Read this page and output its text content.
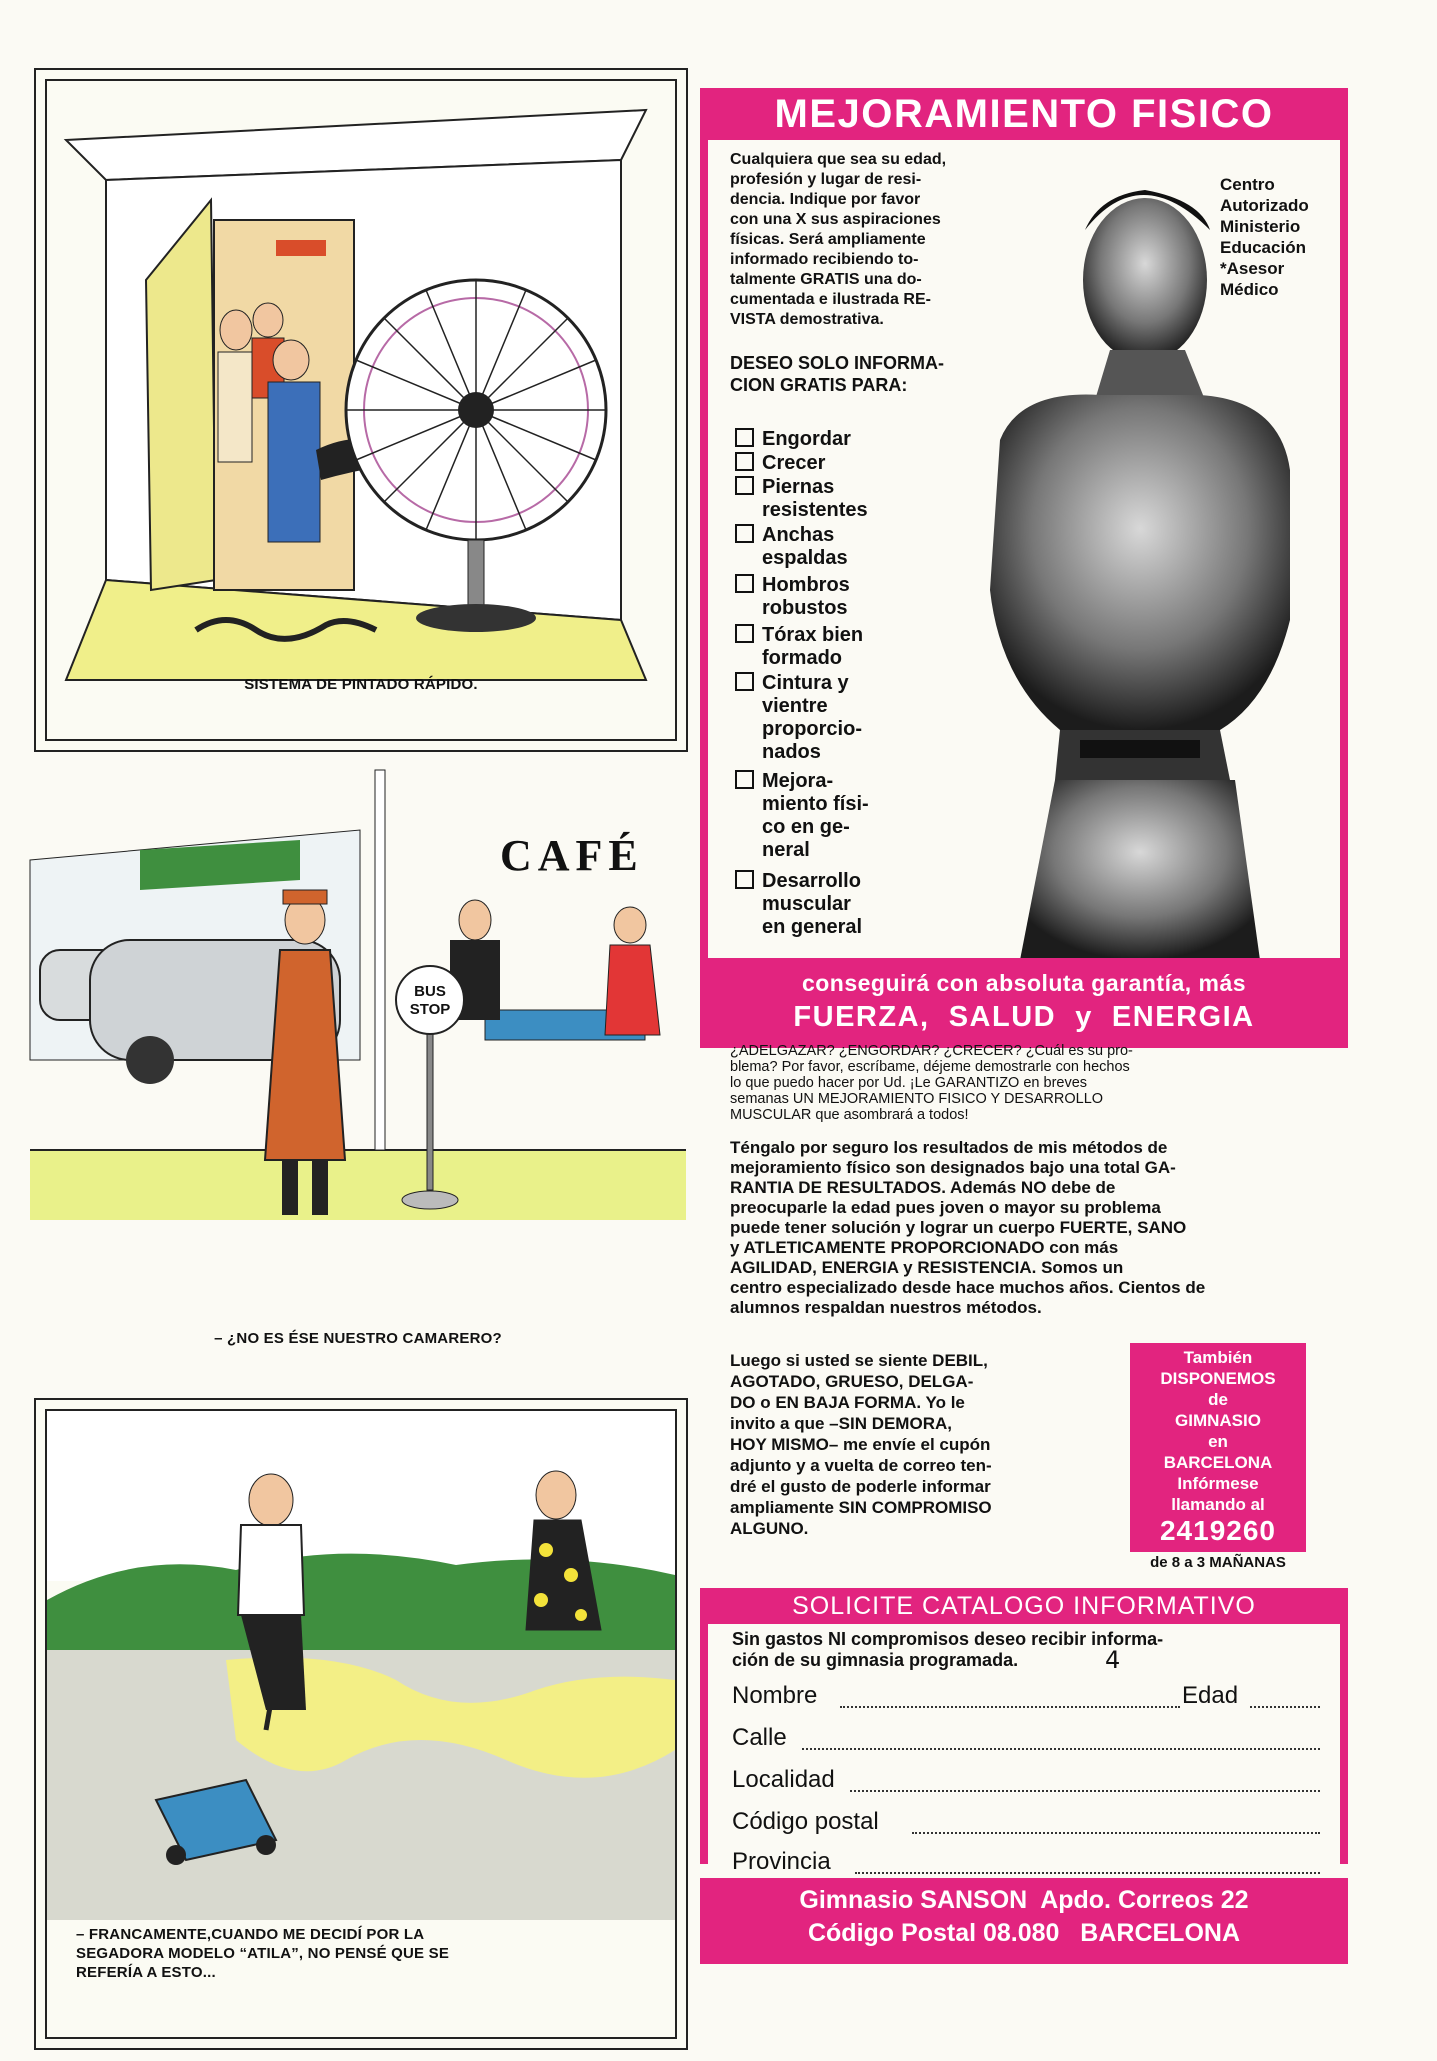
SISTEMA DE PINTADO RÁPIDO.
CAFÉ
BUS
STOP
– ¿NO ES ÉSE NUESTRO CAMARERO?
– FRANCAMENTE,CUANDO ME DECIDÍ POR LA
SEGADORA MODELO “ATILA”, NO PENSÉ QUE SE
REFERÍA A ESTO...
MEJORAMIENTO FISICO
Cualquiera que sea su edad,
profesión y lugar de resi-
dencia. Indique por favor
con una X sus aspiraciones
físicas. Será ampliamente
informado recibiendo to-
talmente GRATIS una do-
cumentada e ilustrada RE-
VISTA demostrativa.
Centro
Autorizado
Ministerio
Educación
*Asesor
Médico
DESEO SOLO INFORMA-
CION GRATIS PARA:
Engordar
Crecer
Piernas
resistentes
Anchas
espaldas
Hombros
robustos
Tórax bien
formado
Cintura y
vientre
proporcio-
nados
Mejora-
miento físi-
co en ge-
neral
Desarrollo
muscular
en general
conseguirá con absoluta garantía, más
FUERZA,  SALUD  y  ENERGIA
¿ADELGAZAR? ¿ENGORDAR? ¿CRECER? ¿Cuál es su pro-
blema? Por favor, escríbame, déjeme demostrarle con hechos
lo que puedo hacer por Ud. ¡Le GARANTIZO en breves
semanas UN MEJORAMIENTO FISICO Y DESARROLLO
MUSCULAR que asombrará a todos!
Téngalo por seguro los resultados de mis métodos de
mejoramiento físico son designados bajo una total GA-
RANTIA DE RESULTADOS. Además NO debe de
preocuparle la edad pues joven o mayor su problema
puede tener solución y lograr un cuerpo FUERTE, SANO
y ATLETICAMENTE PROPORCIONADO con más
AGILIDAD, ENERGIA y RESISTENCIA. Somos un
centro especializado desde hace muchos años. Cientos de
alumnos respaldan nuestros métodos.
Luego si usted se siente DEBIL,
AGOTADO, GRUESO, DELGA-
DO o EN BAJA FORMA. Yo le
invito a que –SIN DEMORA,
HOY MISMO– me envíe el cupón
adjunto y a vuelta de correo ten-
dré el gusto de poderle informar
ampliamente SIN COMPROMISO
ALGUNO.
También
DISPONEMOS
de
GIMNASIO
en
BARCELONA
Infórmese
llamando al
2419260
de 8 a 3 MAÑANAS
SOLICITE CATALOGO INFORMATIVO
Sin gastos NI compromisos deseo recibir informa-
ción de su gimnasia programada.	4
Nombre	Edad
Calle
Localidad
Código postal
Provincia
Gimnasio SANSON  Apdo. Correos 22
Código Postal 08.080   BARCELONA
